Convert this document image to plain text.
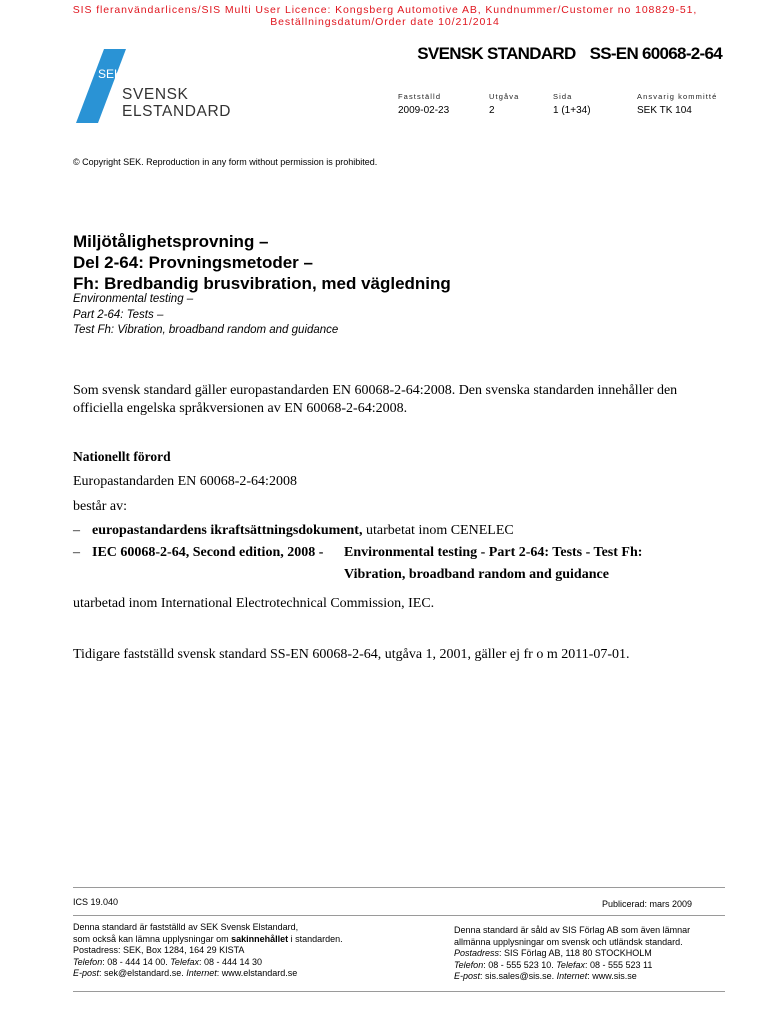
SIS fleranvändarlicens/SIS Multi User Licence: Kongsberg Automotive AB, Kundnummer/Customer no 108829-51,
Beställningsdatum/Order date 10/21/2014
SVENSK STANDARD SS-EN 60068-2-64
SEK
SVENSK
ELSTANDARD
Fastställd	Utgåva	Sida	Ansvarig kommitté
2009-02-23	2	1 (1+34)	SEK TK 104
© Copyright SEK. Reproduction in any form without permission is prohibited.
Miljötålighetsprovning –
Del 2-64: Provningsmetoder –
Fh: Bredbandig brusvibration, med vägledning
Environmental testing –
Part 2-64: Tests –
Test Fh: Vibration, broadband random and guidance
Som svensk standard gäller europastandarden EN 60068-2-64:2008. Den svenska standarden innehåller den
officiella engelska språkversionen av EN 60068-2-64:2008.
Nationellt förord
Europastandarden EN 60068-2-64:2008
består av:
– europastandardens ikraftsättningsdokument, utarbetat inom CENELEC
– IEC 60068-2-64, Second edition, 2008 - Environmental testing - Part 2-64: Tests - Test Fh:
Vibration, broadband random and guidance
utarbetad inom International Electrotechnical Commission, IEC.
Tidigare fastställd svensk standard SS-EN 60068-2-64, utgåva 1, 2001, gäller ej fr o m 2011-07-01.
ICS 19.040	Publicerad: mars 2009
Denna standard är fastställd av SEK Svensk Elstandard,
som också kan lämna upplysningar om sakinnehållet i standarden.
Postadress: SEK, Box 1284, 164 29 KISTA
Telefon: 08 - 444 14 00. Telefax: 08 - 444 14 30
E-post: sek@elstandard.se. Internet: www.elstandard.se
Denna standard är såld av SIS Förlag AB som även lämnar
allmänna upplysningar om svensk och utländsk standard.
Postadress: SIS Förlag AB, 118 80 STOCKHOLM
Telefon: 08 - 555 523 10. Telefax: 08 - 555 523 11
E-post: sis.sales@sis.se. Internet: www.sis.se
